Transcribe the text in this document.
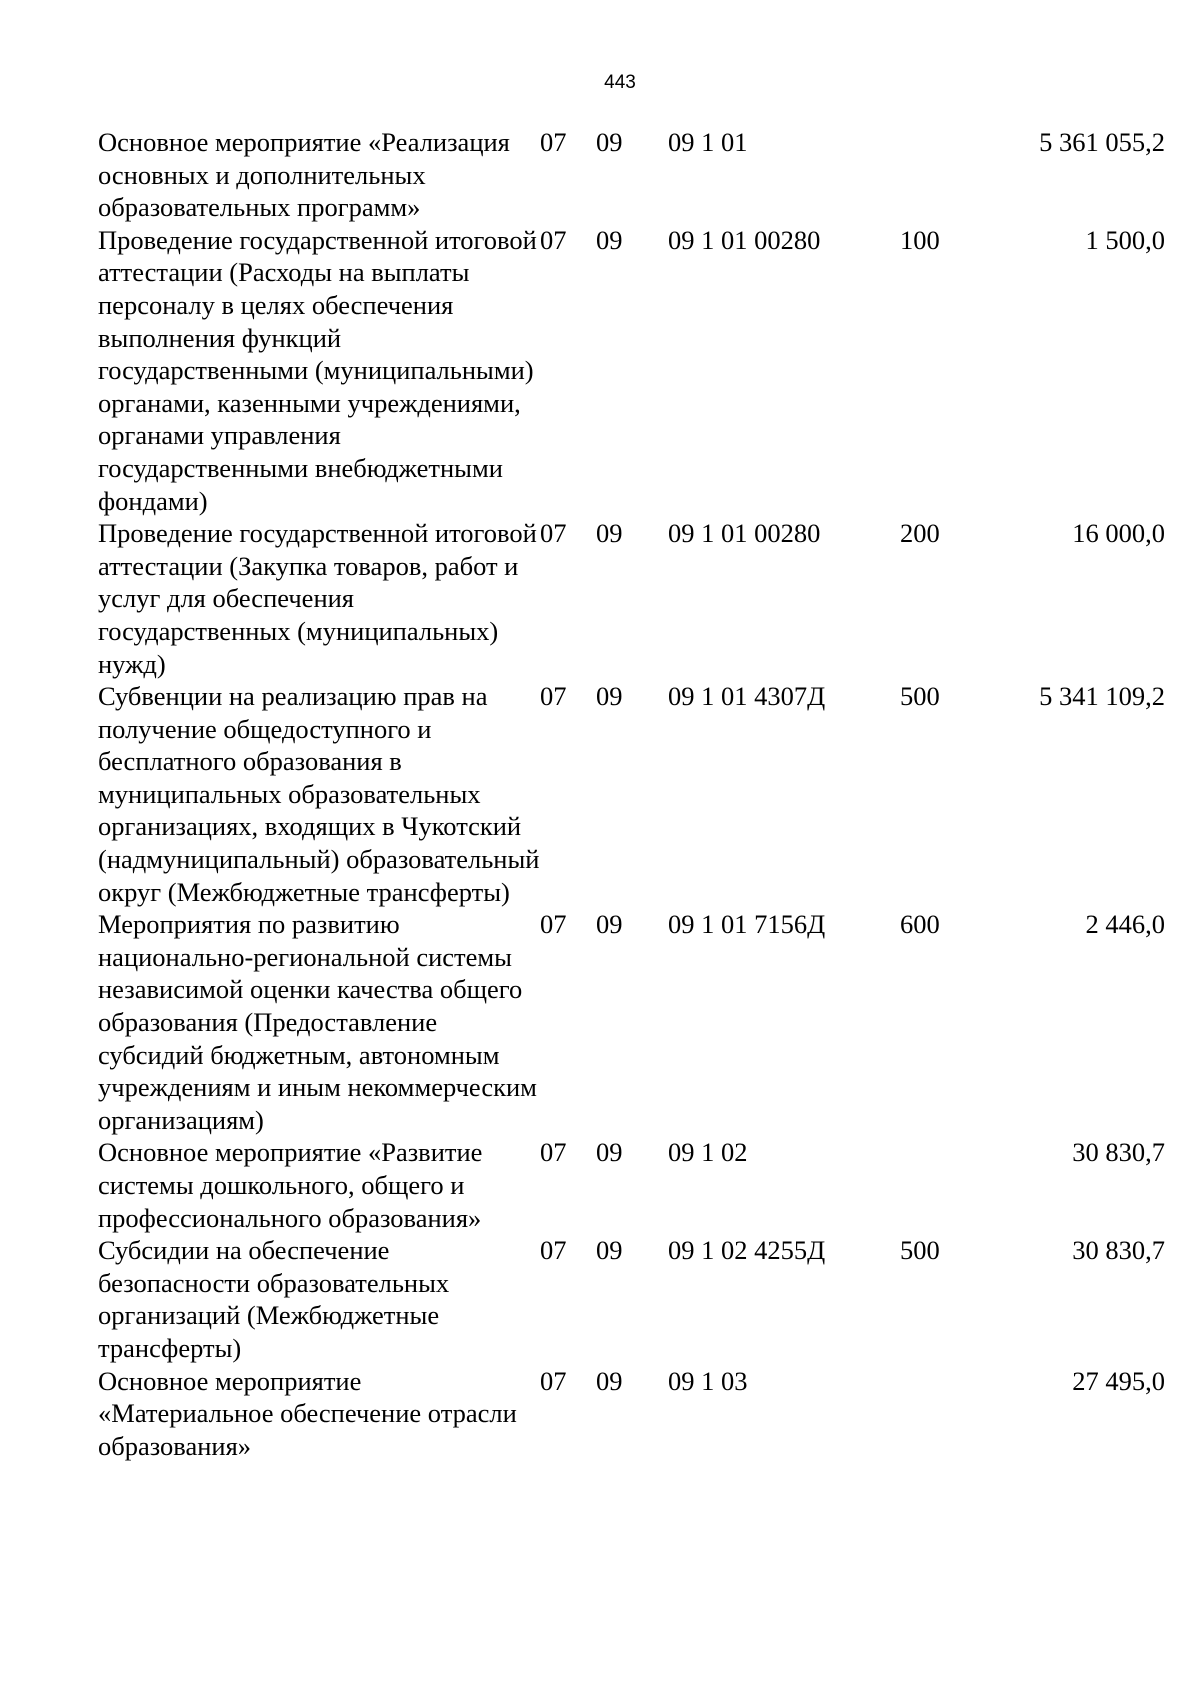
443
Основное мероприятие «Реализация основных и дополнительных образовательных программ»	07	09	09 1 01		5 361 055,2
Проведение государственной итоговой аттестации (Расходы на выплаты персоналу в целях обеспечения выполнения функций государственными (муниципальными) органами, казенными учреждениями, органами управления государственными внебюджетными фондами)	07	09	09 1 01 00280	100	1 500,0
Проведение государственной итоговой аттестации (Закупка товаров, работ и услуг для обеспечения государственных (муниципальных) нужд)	07	09	09 1 01 00280	200	16 000,0
Субвенции на реализацию прав на получение общедоступного и бесплатного образования в муниципальных образовательных организациях, входящих в Чукотский (надмуниципальный) образовательный округ (Межбюджетные трансферты)	07	09	09 1 01 4307Д	500	5 341 109,2
Мероприятия по развитию национально-региональной системы независимой оценки качества общего образования (Предоставление субсидий бюджетным, автономным учреждениям и иным некоммерческим организациям)	07	09	09 1 01 7156Д	600	2 446,0
Основное мероприятие «Развитие системы дошкольного, общего и профессионального образования»	07	09	09 1 02		30 830,7
Субсидии на обеспечение безопасности образовательных организаций (Межбюджетные трансферты)	07	09	09 1 02 4255Д	500	30 830,7
Основное мероприятие «Материальное обеспечение отрасли образования»	07	09	09 1 03		27 495,0
